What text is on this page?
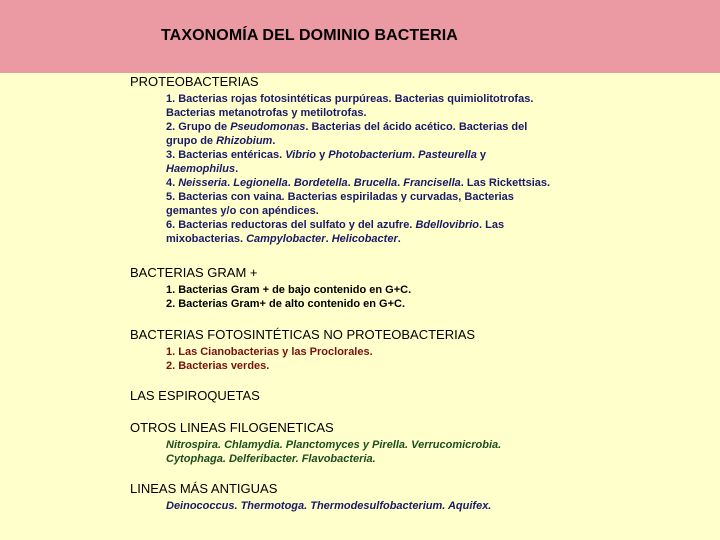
TAXONOMÍA DEL DOMINIO BACTERIA
PROTEOBACTERIAS
1. Bacterias rojas fotosintéticas purpúreas. Bacterias quimiolitotrofas.
Bacterias metanotrofas y metilotrofas.
2. Grupo de Pseudomonas. Bacterias del ácido acético. Bacterias del
grupo de Rhizobium.
3. Bacterias entéricas. Vibrio y Photobacterium. Pasteurella y
Haemophilus.
4. Neisseria. Legionella. Bordetella. Brucella. Francisella. Las Rickettsias.
5. Bacterias con vaina. Bacterias espiriladas y curvadas, Bacterias
gemantes y/o con apéndices.
6. Bacterias reductoras del sulfato y del azufre. Bdellovibrio. Las
mixobacterias. Campylobacter. Helicobacter.
BACTERIAS GRAM +
1. Bacterias Gram + de bajo contenido en G+C.
2. Bacterias Gram+ de alto contenido en G+C.
BACTERIAS FOTOSINTÉTICAS NO PROTEOBACTERIAS
1. Las Cianobacterias y las Proclorales.
2. Bacterias verdes.
LAS ESPIROQUETAS
OTROS LINEAS FILOGENETICAS
Nitrospira. Chlamydia. Planctomyces y Pirella. Verrucomicrobia.
Cytophaga. Delferibacter. Flavobacteria.
LINEAS MÁS ANTIGUAS
Deinococcus. Thermotoga. Thermodesulfobacterium. Aquifex.
